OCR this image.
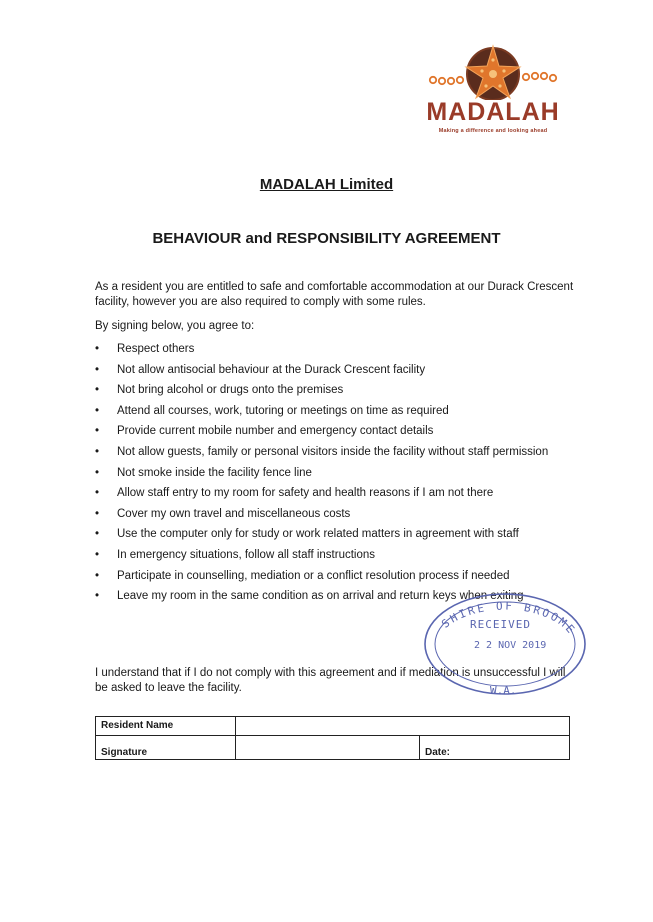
MADALAH
Making a difference and looking ahead
MADALAH Limited
BEHAVIOUR and RESPONSIBILITY AGREEMENT
As a resident you are entitled to safe and comfortable accommodation at our Durack Crescent facility, however you are also required to comply with some rules.
By signing below, you agree to:
• Respect others
• Not allow antisocial behaviour at the Durack Crescent facility
• Not bring alcohol or drugs onto the premises
• Attend all courses, work, tutoring or meetings on time as required
• Provide current mobile number and emergency contact details
• Not allow guests, family or personal visitors inside the facility without staff permission
• Not smoke inside the facility fence line
• Allow staff entry to my room for safety and health reasons if I am not there
• Cover my own travel and miscellaneous costs
• Use the computer only for study or work related matters in agreement with staff
• In emergency situations, follow all staff instructions
• Participate in counselling, mediation or a conflict resolution process if needed
• Leave my room in the same condition as on arrival and return keys when exiting
I understand that if I do not comply with this agreement and if mediation is unsuccessful I will be asked to leave the facility.
Resident Name
Signature	Date:
SHIRE OF BROOME
RECEIVED
2 2 NOV 2019
W.A.
